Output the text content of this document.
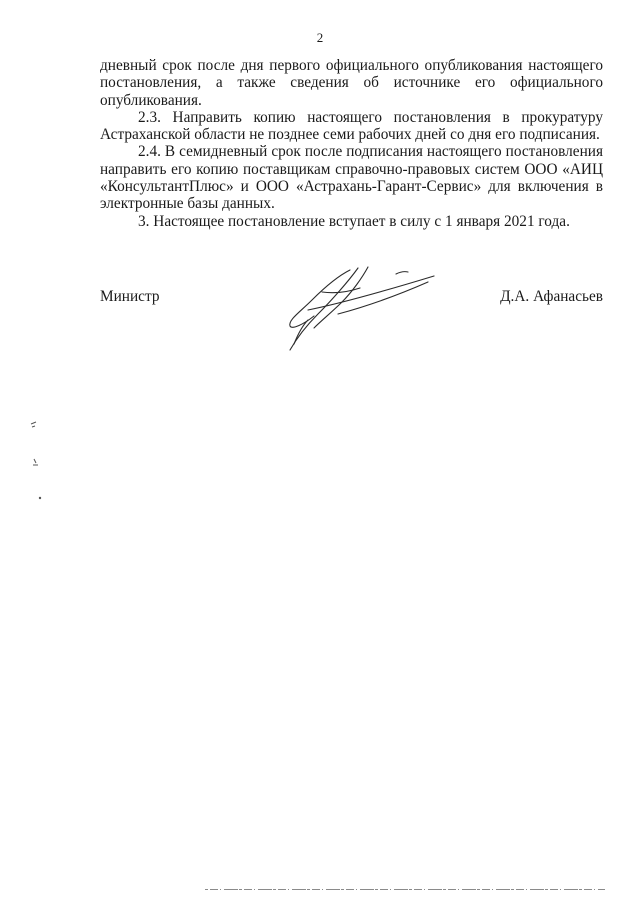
2

дневный срок после дня первого официального опубликования настоящего постановления, а также сведения об источнике его официального опубликования.

2.3. Направить копию настоящего постановления в прокуратуру Астраханской области не позднее семи рабочих дней со дня его подписания.

2.4. В семидневный срок после подписания настоящего постановления направить его копию поставщикам справочно-правовых систем ООО «АИЦ «КонсультантПлюс» и ООО «Астрахань-Гарант-Сервис» для включения в электронные базы данных.

3. Настоящее постановление вступает в силу с 1 января 2021 года.

Министр	Д.А. Афанасьев
